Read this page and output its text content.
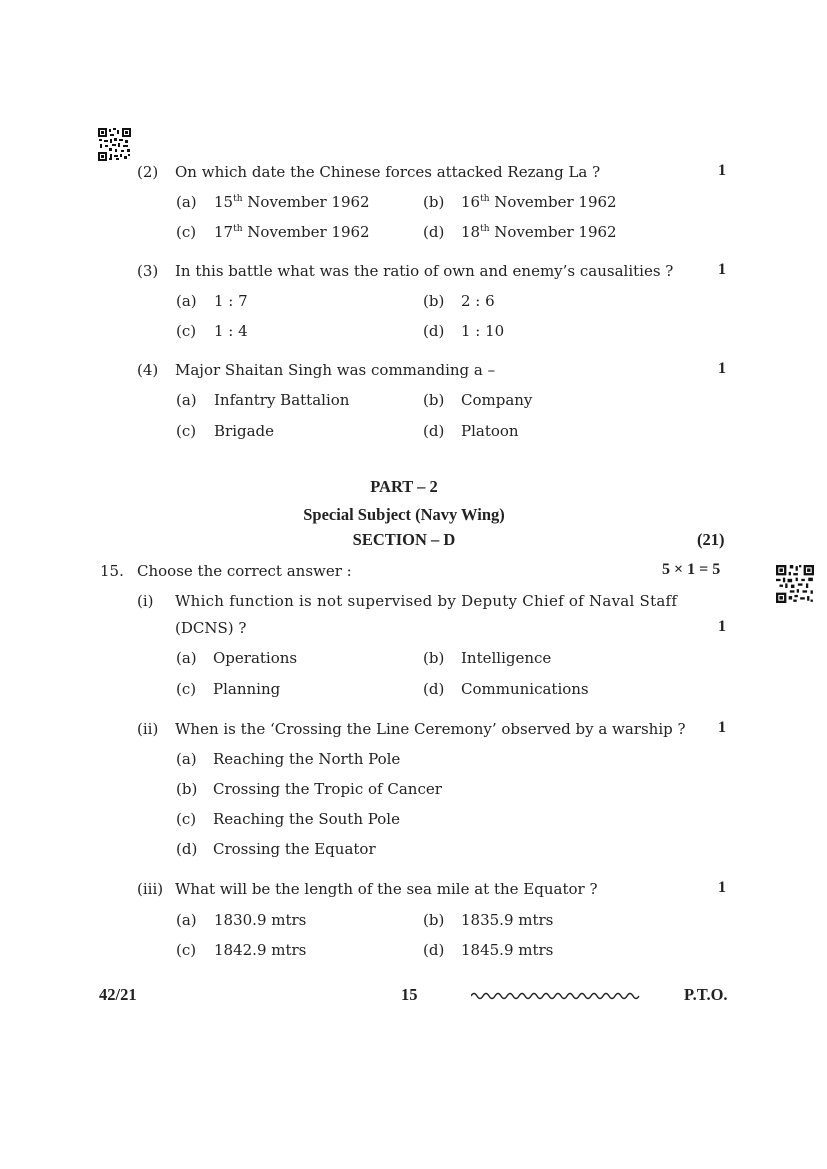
(2) On which date the Chinese forces attacked Rezang La ?	1
(a) 15th November 1962	(b) 16th November 1962
(c) 17th November 1962	(d) 18th November 1962
(3) In this battle what was the ratio of own and enemy’s causalities ?	1
(a) 1 : 7	(b) 2 : 6
(c) 1 : 4	(d) 1 : 10
(4) Major Shaitan Singh was commanding a –	1
(a) Infantry Battalion	(b) Company
(c) Brigade	(d) Platoon
PART – 2
Special Subject (Navy Wing)
SECTION – D	(21)
15. Choose the correct answer :	5 × 1 = 5
(i) Which function is not supervised by Deputy Chief of Naval Staff
(DCNS) ?	1
(a) Operations	(b) Intelligence
(c) Planning	(d) Communications
(ii) When is the ‘Crossing the Line Ceremony’ observed by a warship ? 1
(a) Reaching the North Pole
(b) Crossing the Tropic of Cancer
(c) Reaching the South Pole
(d) Crossing the Equator
(iii) What will be the length of the sea mile at the Equator ?	1
(a) 1830.9 mtrs	(b) 1835.9 mtrs
(c) 1842.9 mtrs	(d) 1845.9 mtrs
42/21	15	P.T.O.
